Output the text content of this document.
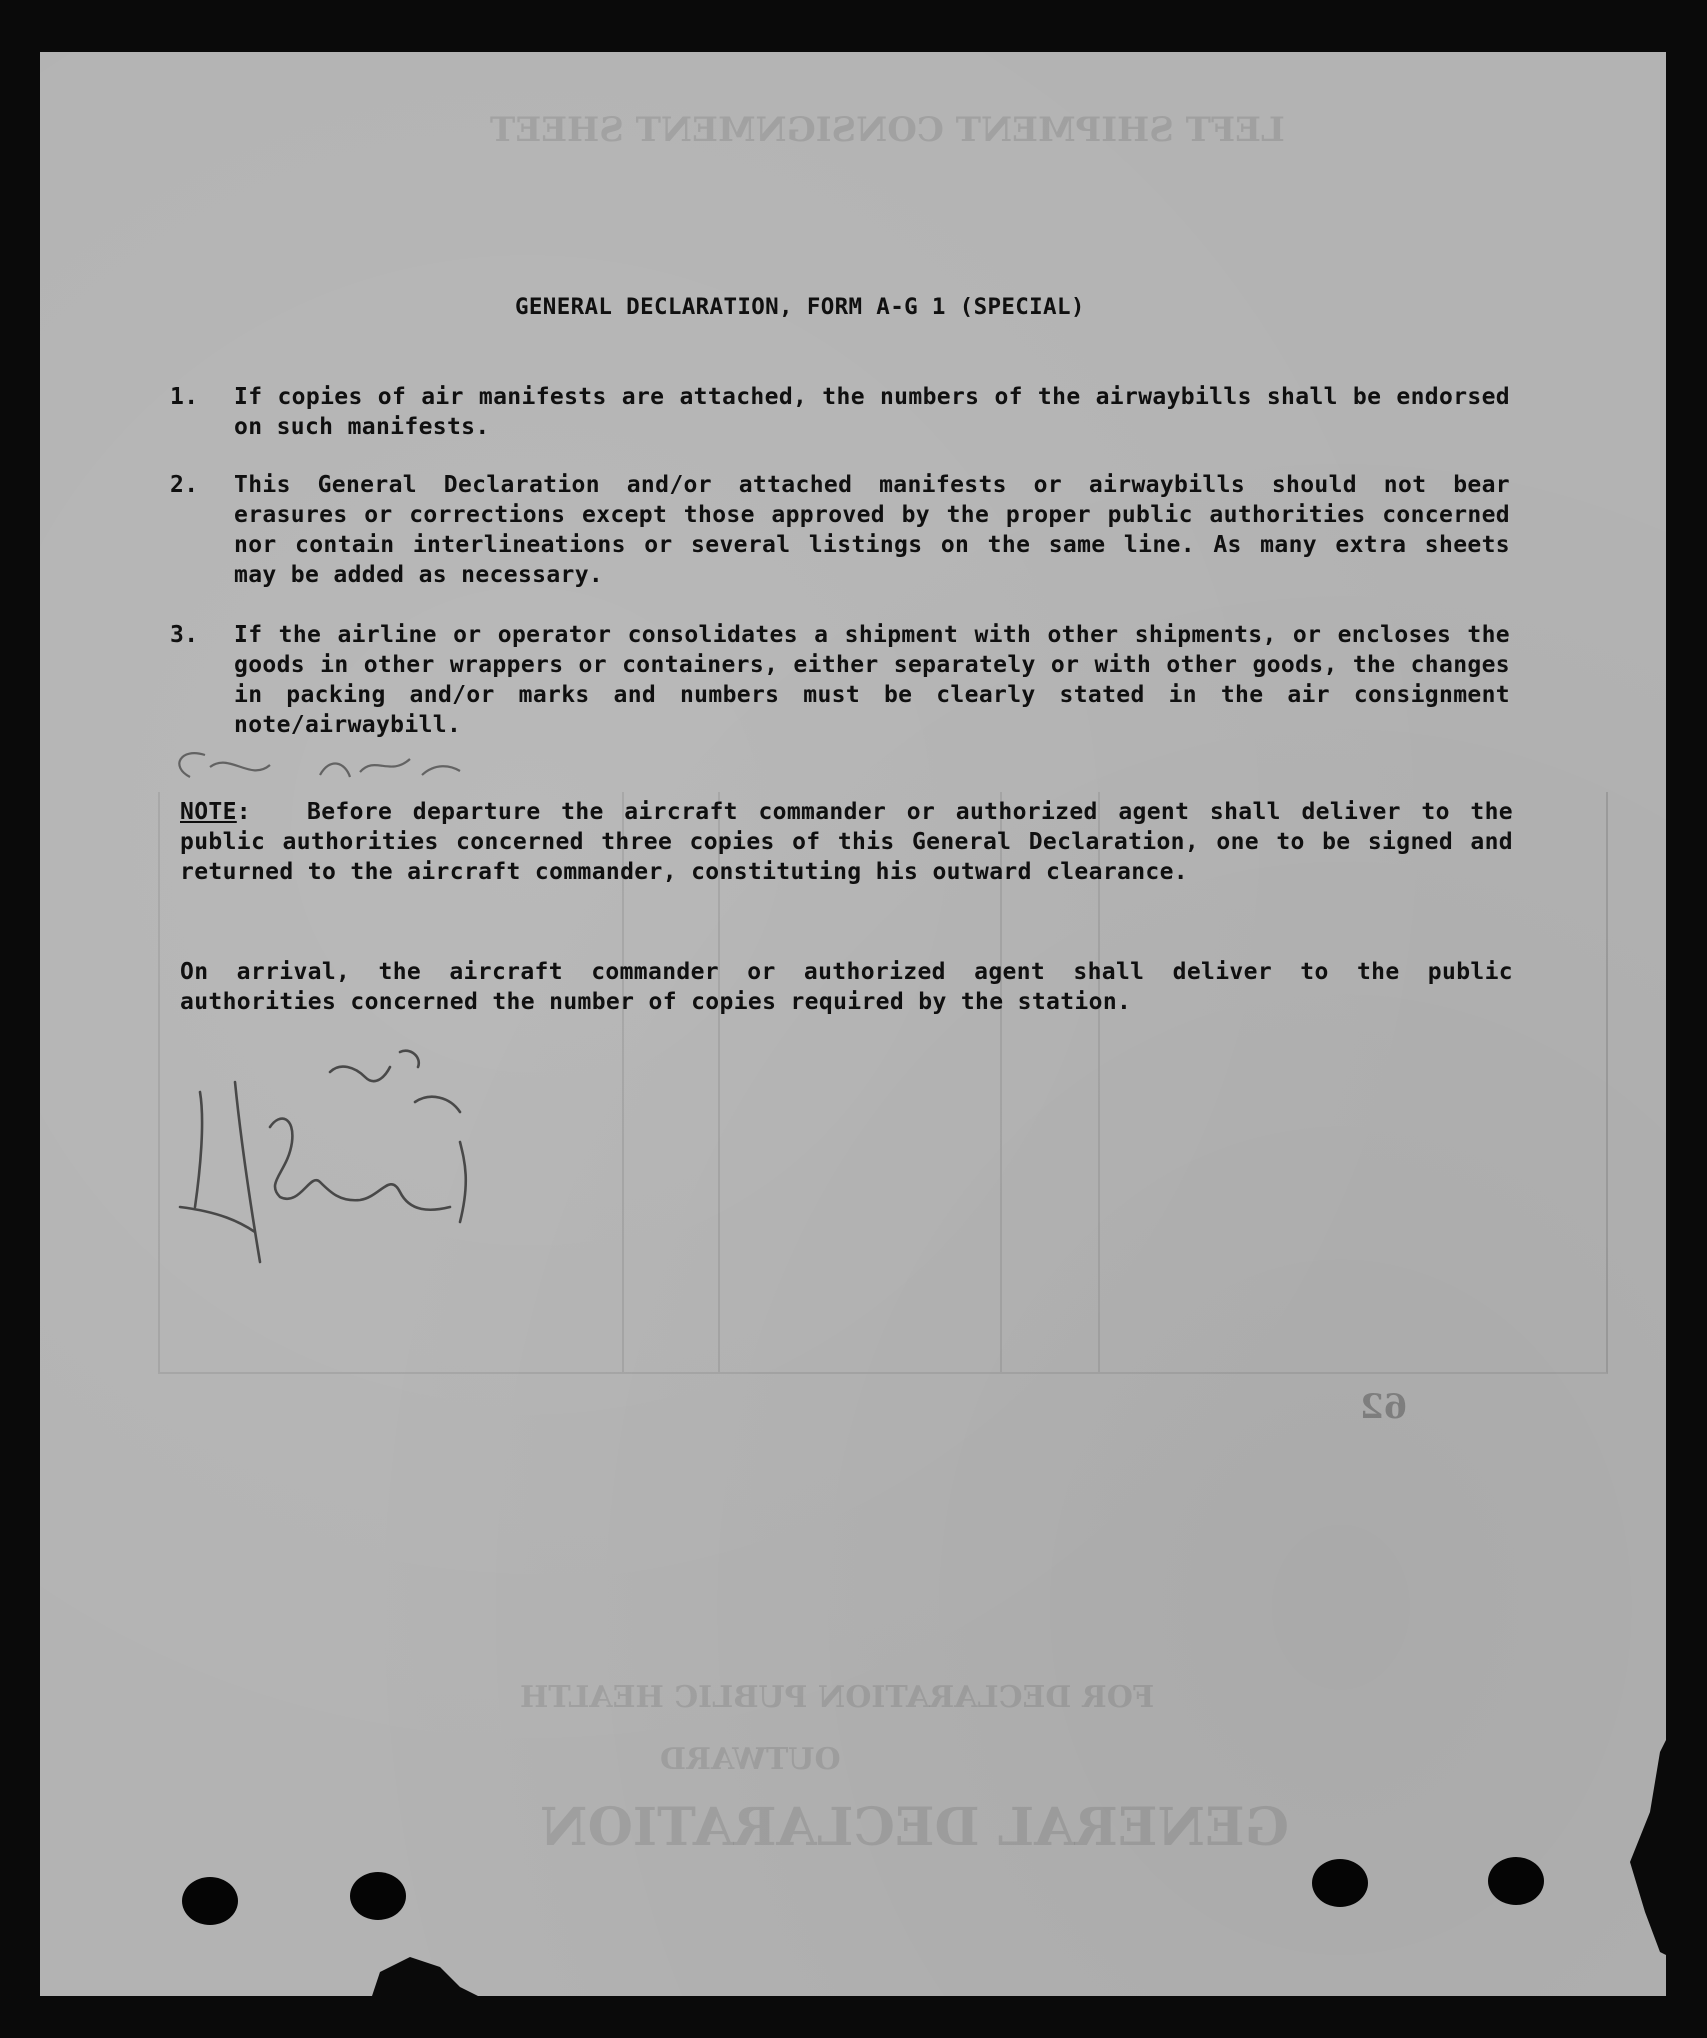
LEFT SHIPMENT CONSIGNMENT SHEET
FOR DECLARATION PUBLIC HEALTH
OUTWARD
GENERAL DECLARATION
62
GENERAL DECLARATION, FORM A-G 1 (SPECIAL)
1.	If copies of air manifests are attached, the numbers of the airwaybills shall be endorsed on such manifests.
2.	This General Declaration and/or attached manifests or airwaybills should not bear erasures or corrections except those approved by the proper public authorities concerned nor contain interlineations or several listings on the same line. As many extra sheets may be added as necessary.
3.	If the airline or operator consolidates a shipment with other shipments, or encloses the goods in other wrappers or containers, either separately or with other goods, the changes in packing and/or marks and numbers must be clearly stated in the air consignment note/airwaybill.
NOTE: Before departure the aircraft commander or authorized agent shall deliver to the public authorities concerned three copies of this General Declaration, one to be signed and returned to the aircraft commander, constituting his outward clearance.
On arrival, the aircraft commander or authorized agent shall deliver to the public authorities concerned the number of copies required by the station.
